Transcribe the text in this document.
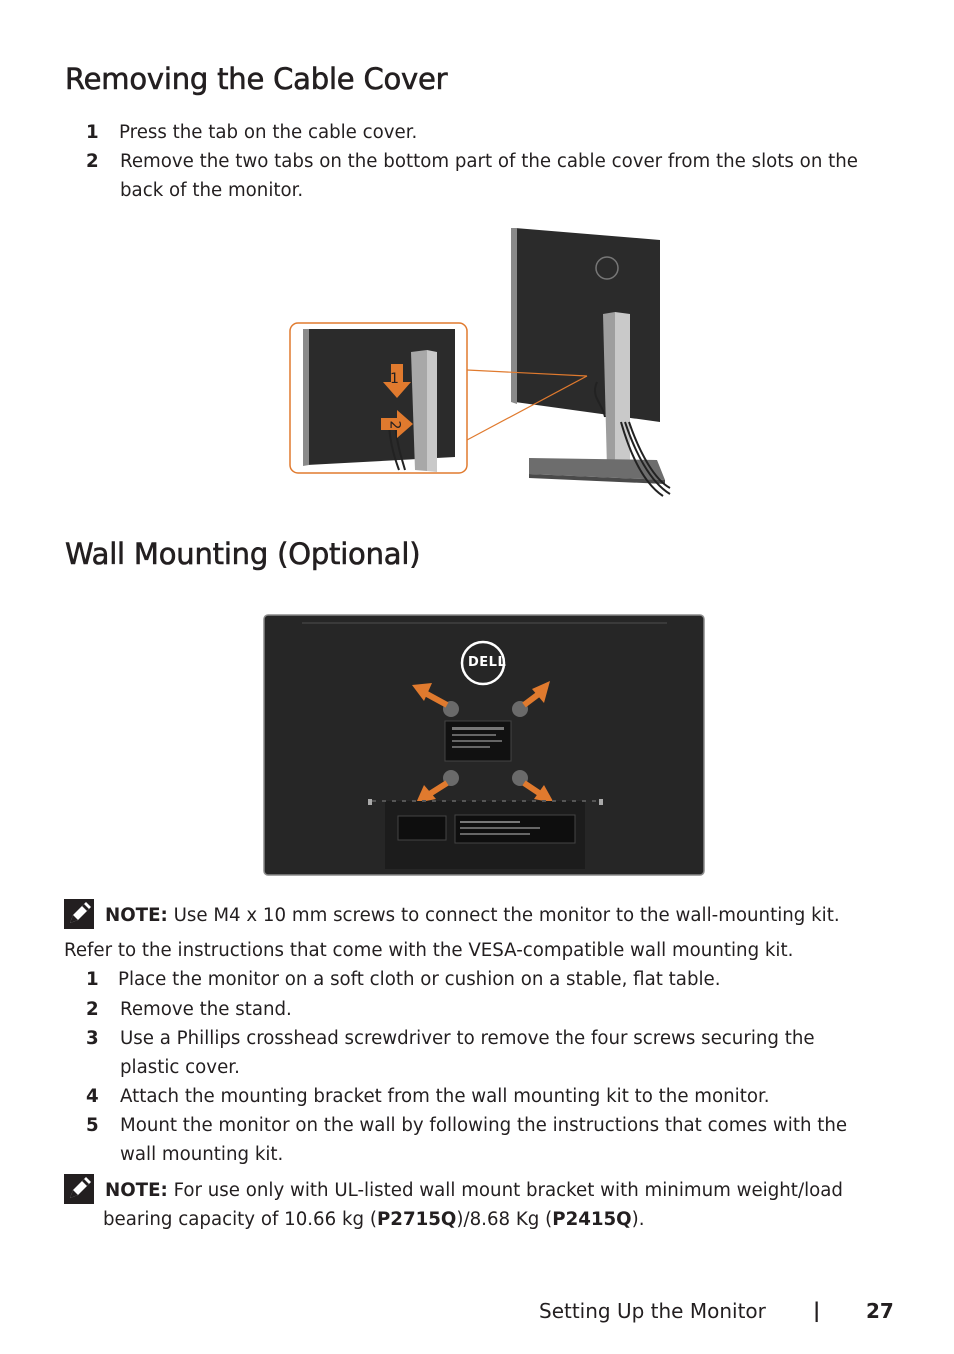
Removing the Cable Cover
1 Press the tab on the cable cover.
2 Remove the two tabs on the bottom part of the cable cover from the slots on the
back of the monitor.
1
2
Wall Mounting (Optional)
DELL
NOTE: Use M4 x 10 mm screws to connect the monitor to the wall-mounting kit.
Refer to the instructions that come with the VESA-compatible wall mounting kit.
1 Place the monitor on a soft cloth or cushion on a stable, flat table.
2 Remove the stand.
3 Use a Phillips crosshead screwdriver to remove the four screws securing the
plastic cover.
4 Attach the mounting bracket from the wall mounting kit to the monitor.
5 Mount the monitor on the wall by following the instructions that comes with the
wall mounting kit.
NOTE: For use only with UL-listed wall mount bracket with minimum weight/load
bearing capacity of 10.66 kg (P2715Q)/8.68 Kg (P2415Q).
Setting Up the Monitor | 27
